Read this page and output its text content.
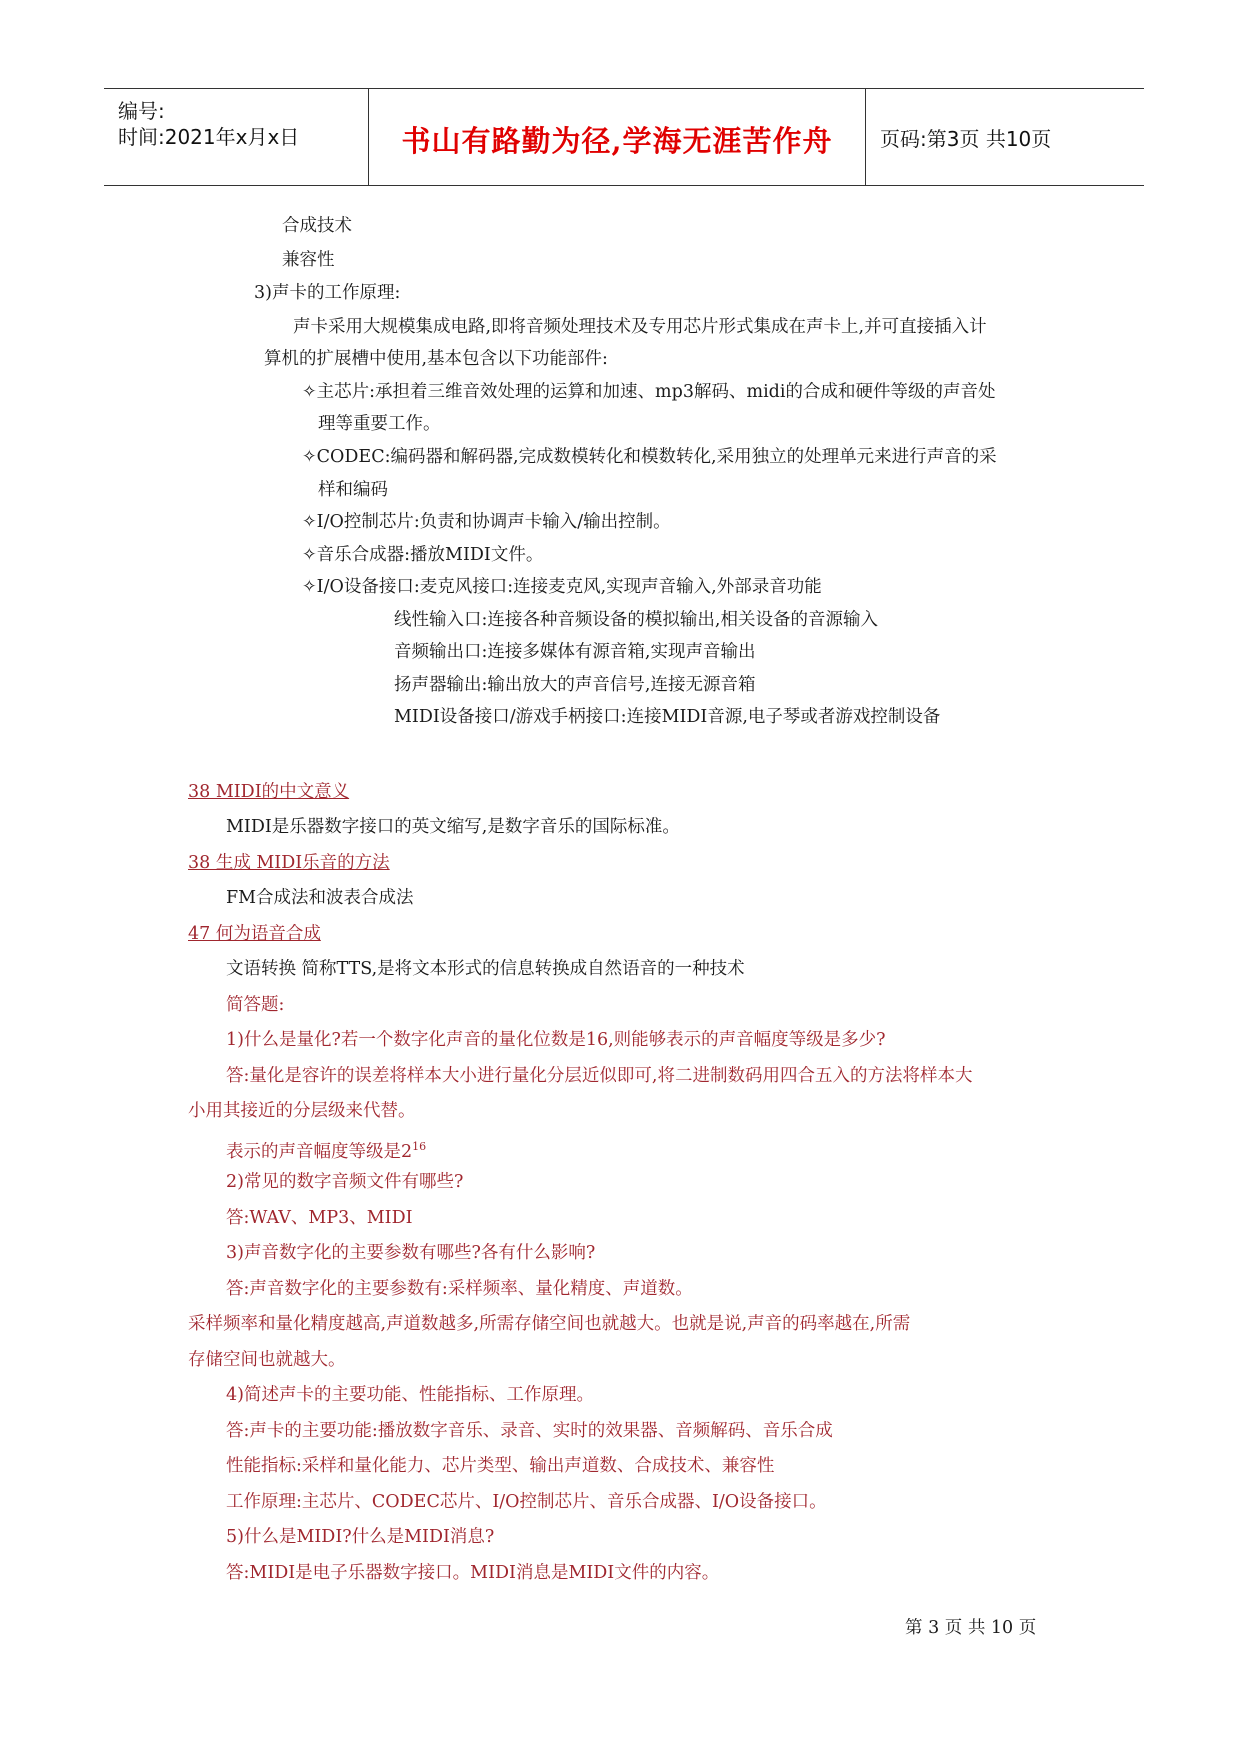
编号:
时间:2021年x月x日	书山有路勤为径,学海无涯苦作舟	页码:第3页 共10页
合成技术
兼容性
3)声卡的工作原理:
声卡采用大规模集成电路,即将音频处理技术及专用芯片形式集成在声卡上,并可直接插入计
算机的扩展槽中使用,基本包含以下功能部件:
✧主芯片:承担着三维音效处理的运算和加速、mp3解码、midi的合成和硬件等级的声音处
理等重要工作。
✧CODEC:编码器和解码器,完成数模转化和模数转化,采用独立的处理单元来进行声音的采
样和编码
✧I/O控制芯片:负责和协调声卡输入/输出控制。
✧音乐合成器:播放MIDI文件。
✧I/O设备接口:麦克风接口:连接麦克风,实现声音输入,外部录音功能
线性输入口:连接各种音频设备的模拟输出,相关设备的音源输入
音频输出口:连接多媒体有源音箱,实现声音输出
扬声器输出:输出放大的声音信号,连接无源音箱
MIDI设备接口/游戏手柄接口:连接MIDI音源,电子琴或者游戏控制设备
38 MIDI的中文意义
MIDI是乐器数字接口的英文缩写,是数字音乐的国际标准。
38 生成 MIDI乐音的方法
FM合成法和波表合成法
47 何为语音合成
文语转换 简称TTS,是将文本形式的信息转换成自然语音的一种技术
简答题:
1)什么是量化?若一个数字化声音的量化位数是16,则能够表示的声音幅度等级是多少?
答:量化是容许的误差将样本大小进行量化分层近似即可,将二进制数码用四合五入的方法将样本大
小用其接近的分层级来代替。
表示的声音幅度等级是$2^{16}$
2)常见的数字音频文件有哪些?
答:WAV、MP3、MIDI
3)声音数字化的主要参数有哪些?各有什么影响?
答:声音数字化的主要参数有:采样频率、量化精度、声道数。
采样频率和量化精度越高,声道数越多,所需存储空间也就越大。也就是说,声音的码率越在,所需
存储空间也就越大。
4)简述声卡的主要功能、性能指标、工作原理。
答:声卡的主要功能:播放数字音乐、录音、实时的效果器、音频解码、音乐合成
性能指标:采样和量化能力、芯片类型、输出声道数、合成技术、兼容性
工作原理:主芯片、CODEC芯片、I/O控制芯片、音乐合成器、I/O设备接口。
5)什么是MIDI?什么是MIDI消息?
答:MIDI是电子乐器数字接口。MIDI消息是MIDI文件的内容。
第 3 页 共 10 页
